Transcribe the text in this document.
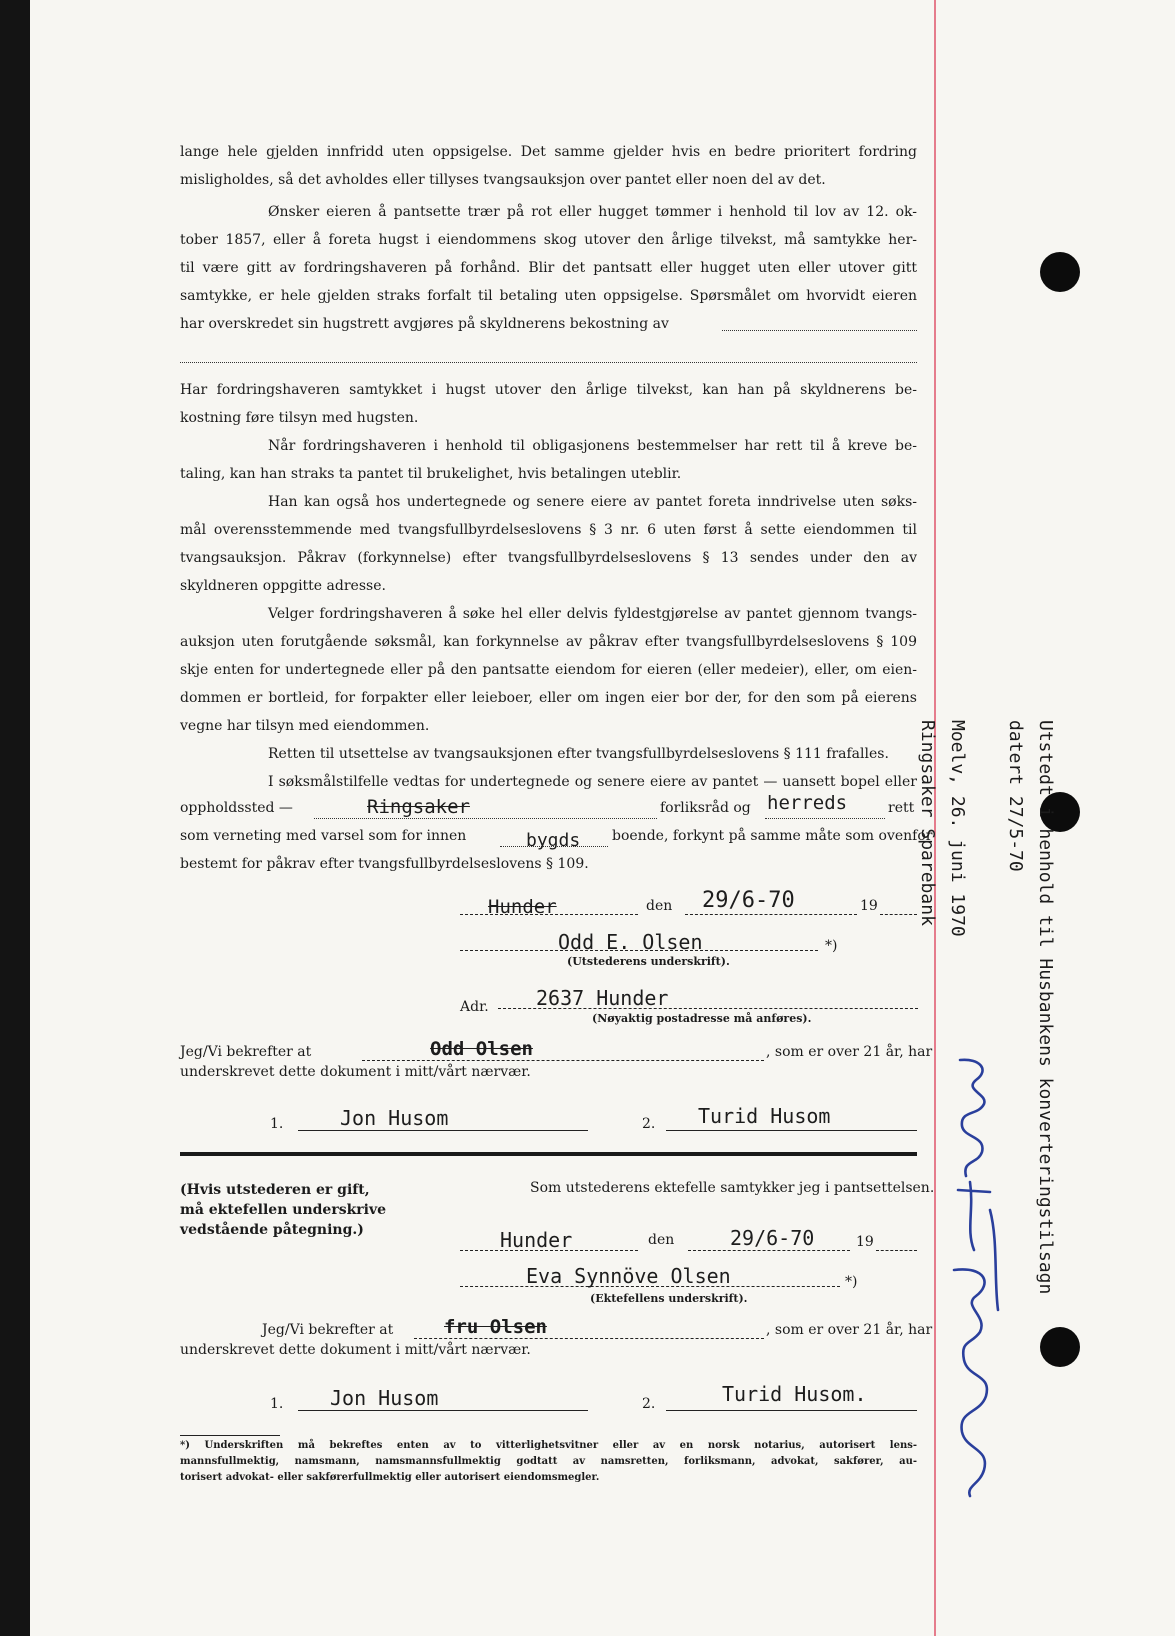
lange hele gjelden innfridd uten oppsigelse. Det samme gjelder hvis en bedre prioritert fordring

misligholdes, så det avholdes eller tillyses tvangsauksjon over pantet eller noen del av det.

Ønsker eieren å pantsette trær på rot eller hugget tømmer i henhold til lov av 12. ok-

tober 1857, eller å foreta hugst i eiendommens skog utover den årlige tilvekst, må samtykke her-

til være gitt av fordringshaveren på forhånd. Blir det pantsatt eller hugget uten eller utover gitt

samtykke, er hele gjelden straks forfalt til betaling uten oppsigelse. Spørsmålet om hvorvidt eieren

har overskredet sin hugstrett avgjøres på skyldnerens bekostning av

Har fordringshaveren samtykket i hugst utover den årlige tilvekst, kan han på skyldnerens be-

kostning føre tilsyn med hugsten.

Når fordringshaveren i henhold til obligasjonens bestemmelser har rett til å kreve be-

taling, kan han straks ta pantet til brukelighet, hvis betalingen uteblir.

Han kan også hos undertegnede og senere eiere av pantet foreta inndrivelse uten søks-

mål overensstemmende med tvangsfullbyrdelseslovens § 3 nr. 6 uten først å sette eiendommen til

tvangsauksjon. Påkrav (forkynnelse) efter tvangsfullbyrdelseslovens § 13 sendes under den av

skyldneren oppgitte adresse.

Velger fordringshaveren å søke hel eller delvis fyldestgjørelse av pantet gjennom tvangs-

auksjon uten forutgående søksmål, kan forkynnelse av påkrav efter tvangsfullbyrdelseslovens § 109

skje enten for undertegnede eller på den pantsatte eiendom for eieren (eller medeier), eller, om eien-

dommen er bortleid, for forpakter eller leieboer, eller om ingen eier bor der, for den som på eierens

vegne har tilsyn med eiendommen.

Retten til utsettelse av tvangsauksjonen efter tvangsfullbyrdelseslovens § 111 frafalles.

I søksmålstilfelle vedtas for undertegnede og senere eiere av pantet — uansett bopel eller

oppholdssted —	Ringsaker	forliksråd og herreds	rett
som verneting med varsel som for innen	bygds boende, forkynt på samme måte som ovenfor
bestemt for påkrav efter tvangsfullbyrdelseslovens § 109.
Hunder	den 29/6-70	19
Odd E. Olsen	*)
(Utstederens underskrift).
Adr. 2637 Hunder
(Nøyaktig postadresse må anføres).
Jeg/Vi bekrefter at	Odd Olsen	, som er over 21 år, har
underskrevet dette dokument i mitt/vårt nærvær.
1.	Jon Husom	2. Turid Husom
(Hvis utstederen er gift,
må ektefellen underskrive
vedstående påtegning.)
Som utstederens ektefelle samtykker jeg i pantsettelsen.
Hunder	den	29/6-70	19
Eva Synnöve Olsen	*)
(Ektefellens underskrift).
Jeg/Vi bekrefter at	fru Olsen	, som er over 21 år, har
underskrevet dette dokument i mitt/vårt nærvær.
1. Jon Husom	2.	Turid Husom.
*) Underskriften må bekreftes enten av to vitterlighetsvitner eller av en norsk notarius, autorisert lens-
mannsfullmektig, namsmann, namsmannsfullmektig godtatt av namsretten, forliksmann, advokat, sakfører, au-
torisert advokat- eller sakførerfullmektig eller autorisert eiendomsmegler.
Utstedt i henhold til Husbankens konverteringstilsagn
datert 27/5-70
Moelv, 26. juni 1970
Ringsaker Sparebank
